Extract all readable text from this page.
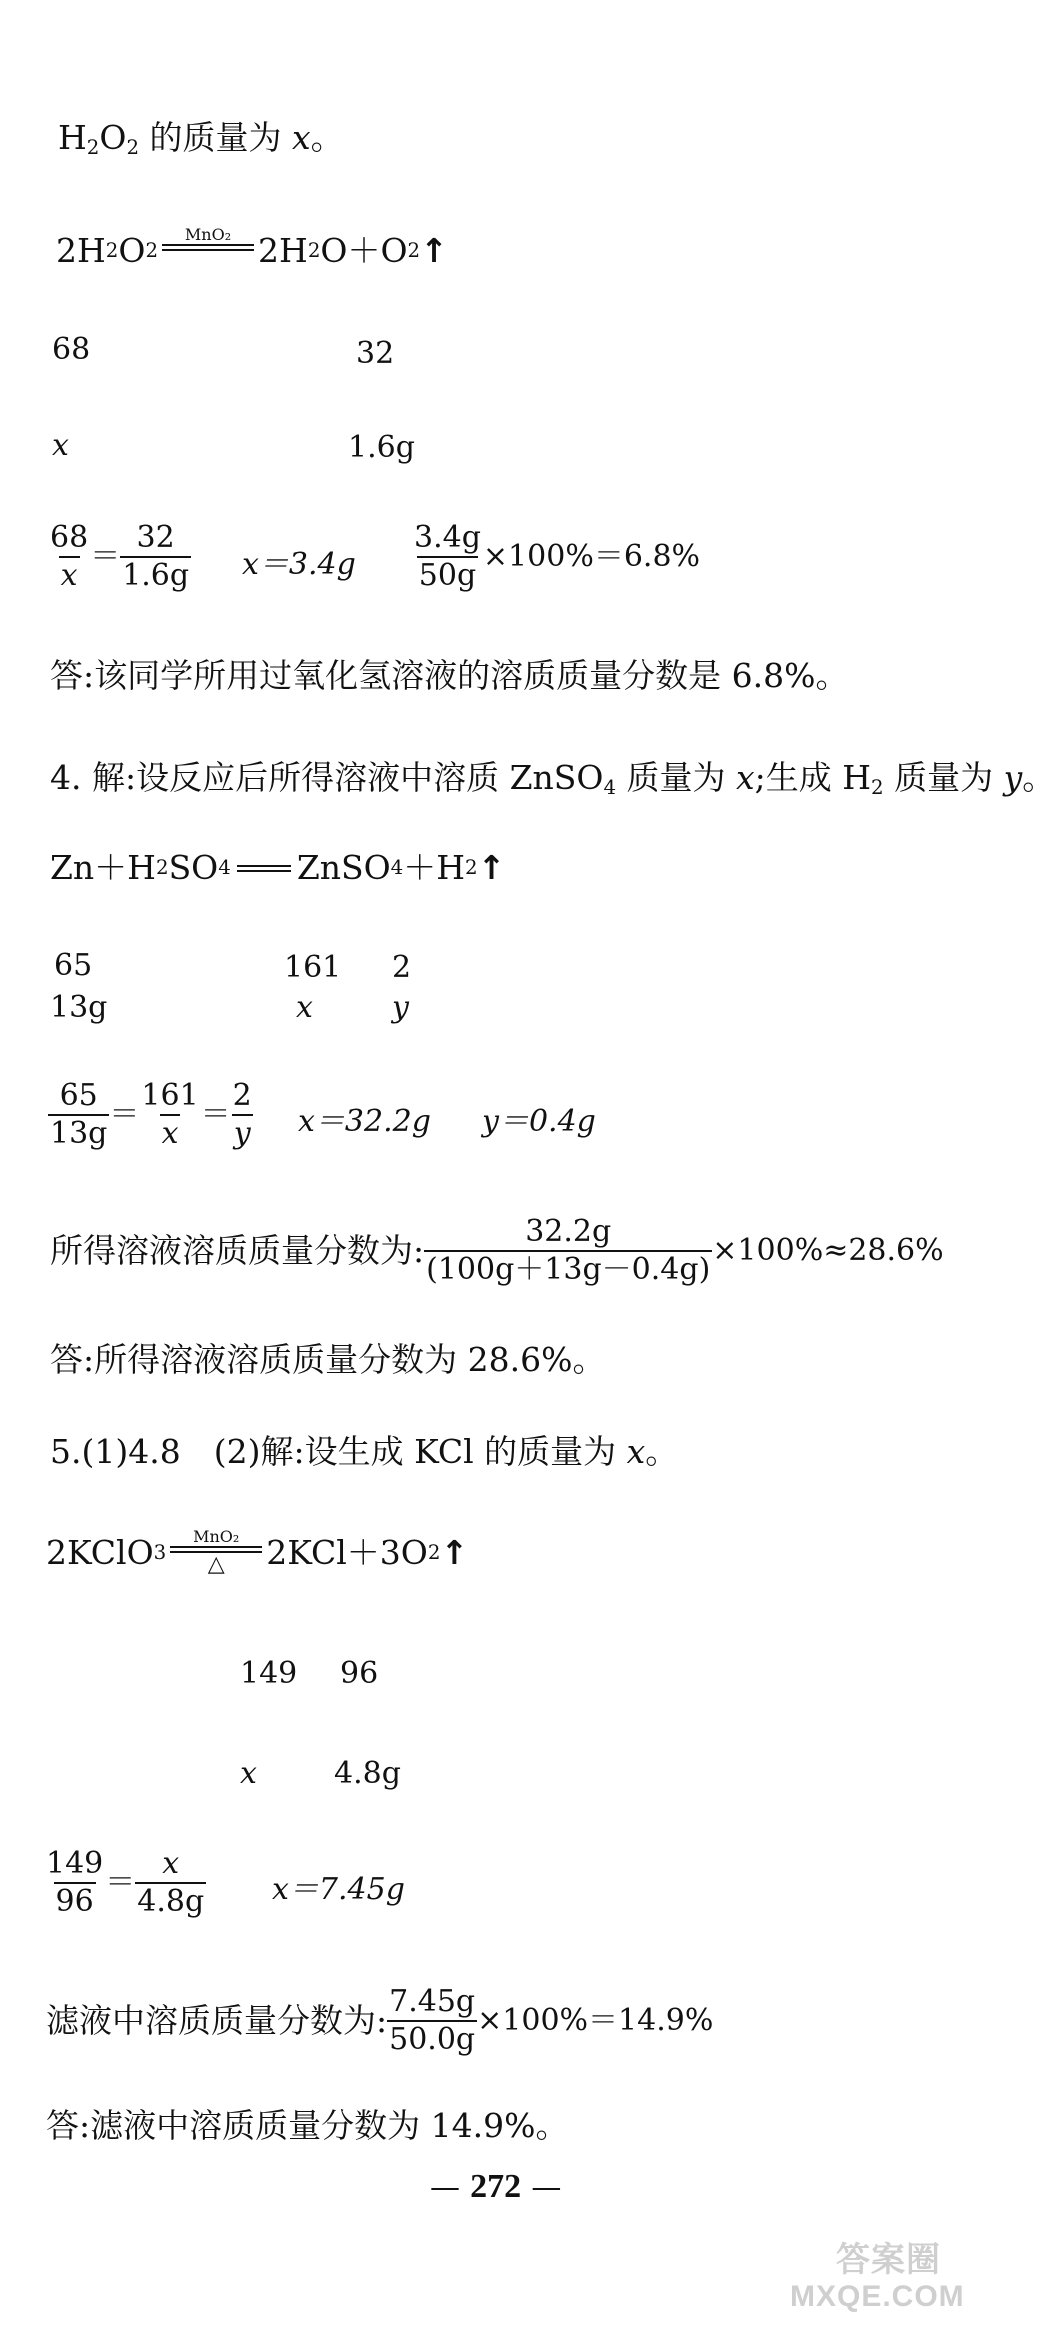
$H_2O_2$ 的质量为 x。
2H 2 O 2
MnO₂
2H 2 O＋O 2 ↑
68	32
x	1.6g
$\frac{68}{x} = \frac{32}{1.6g} x=3.4g \frac{3.4g}{50g} \times 100\%=6.8\%$
答:该同学所用过氧化氢溶液的溶质质量分数是 6.8%。
4. 解:设反应后所得溶液中溶质 ZnSO$_4$ 质量为 x;生成 $H_2$ 质量为 y。
Zn＋H 2 SO 4 ZnSO 4 ＋H 2 ↑
65	161 2
13g	x	y
$\frac{65}{13g} = \frac{161}{x} = \frac{2}{y} x=32.2g$ y＝0.4g
所得溶液溶质质量分数为: $\frac{32.2g}{(100g+13g-0.4g)} \times 100\%\approx 28.6\%$
答:所得溶液溶质质量分数为 28.6%。
5.(1)4.8　(2)解:设生成 KCl 的质量为 x。
2KClO 3
MnO₂
△ 2KCl＋3O 2 ↑
149 96
x	4.8g
$\frac{149}{96} = \frac{x}{4.8g} x=7.45g$
滤液中溶质质量分数为: $\frac{7.45g}{50.0g} \times 100\%=14.9\%$
答:滤液中溶质质量分数为 14.9%。
— 272 —
答案圈
MXQE.COM
